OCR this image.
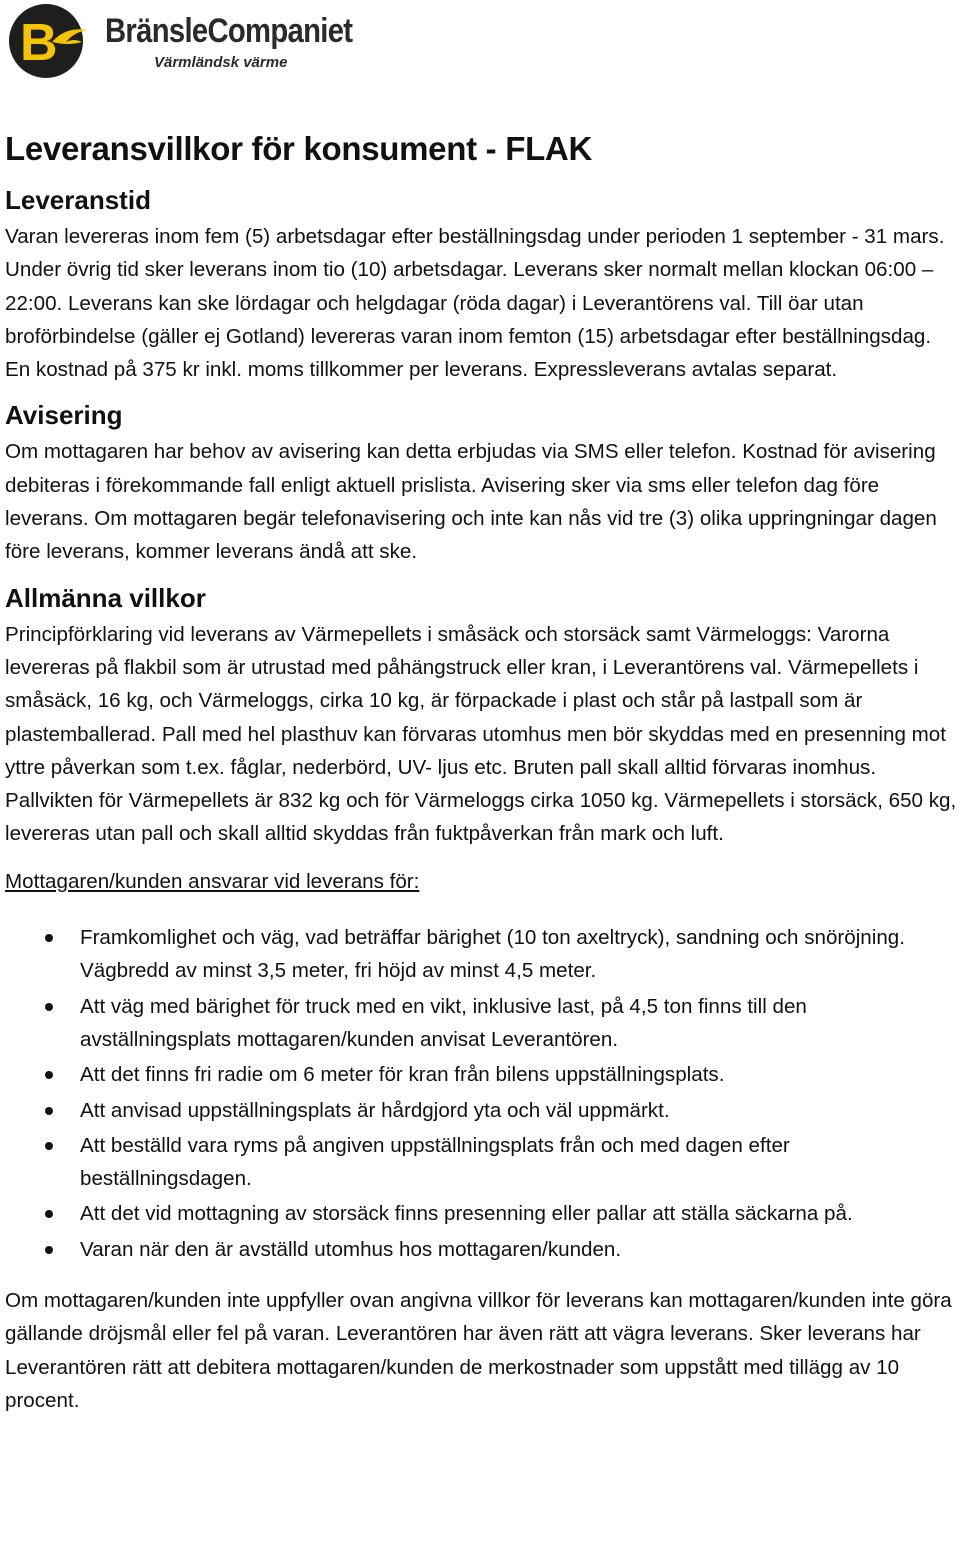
B BränsleCompaniet
Värmländsk värme
Leveransvillkor för konsument - FLAK
Leveranstid

Varan levereras inom fem (5) arbetsdagar efter beställningsdag under perioden 1 september - 31 mars. Under övrig tid sker leverans inom tio (10) arbetsdagar. Leverans sker normalt mellan klockan 06:00 – 22:00. Leverans kan ske lördagar och helgdagar (röda dagar) i Leverantörens val. Till öar utan broförbindelse (gäller ej Gotland) levereras varan inom femton (15) arbetsdagar efter beställningsdag. En kostnad på 375 kr inkl. moms tillkommer per leverans. Expressleverans avtalas separat.

Avisering

Om mottagaren har behov av avisering kan detta erbjudas via SMS eller telefon. Kostnad för avisering debiteras i förekommande fall enligt aktuell prislista. Avisering sker via sms eller telefon dag före leverans. Om mottagaren begär telefonavisering och inte kan nås vid tre (3) olika uppringningar dagen före leverans, kommer leverans ändå att ske.

Allmänna villkor

Principförklaring vid leverans av Värmepellets i småsäck och storsäck samt Värmeloggs: Varorna levereras på flakbil som är utrustad med påhängstruck eller kran, i Leverantörens val. Värmepellets i småsäck, 16 kg, och Värmeloggs, cirka 10 kg, är förpackade i plast och står på lastpall som är plastemballerad. Pall med hel plasthuv kan förvaras utomhus men bör skyddas med en presenning mot yttre påverkan som t.ex. fåglar, nederbörd, UV- ljus etc. Bruten pall skall alltid förvaras inomhus. Pallvikten för Värmepellets är 832 kg och för Värmeloggs cirka 1050 kg. Värmepellets i storsäck, 650 kg, levereras utan pall och skall alltid skyddas från fuktpåverkan från mark och luft.

Mottagaren/kunden ansvarar vid leverans för:

Framkomlighet och väg, vad beträffar bärighet (10 ton axeltryck), sandning och snöröjning. Vägbredd av minst 3,5 meter, fri höjd av minst 4,5 meter.
Att väg med bärighet för truck med en vikt, inklusive last, på 4,5 ton finns till den avställningsplats mottagaren/kunden anvisat Leverantören.
Att det finns fri radie om 6 meter för kran från bilens uppställningsplats.
Att anvisad uppställningsplats är hårdgjord yta och väl uppmärkt.
Att beställd vara ryms på angiven uppställningsplats från och med dagen efter beställningsdagen.
Att det vid mottagning av storsäck finns presenning eller pallar att ställa säckarna på.
Varan när den är avställd utomhus hos mottagaren/kunden.

Om mottagaren/kunden inte uppfyller ovan angivna villkor för leverans kan mottagaren/kunden inte göra gällande dröjsmål eller fel på varan. Leverantören har även rätt att vägra leverans. Sker leverans har Leverantören rätt att debitera mottagaren/kunden de merkostnader som uppstått med tillägg av 10 procent.
